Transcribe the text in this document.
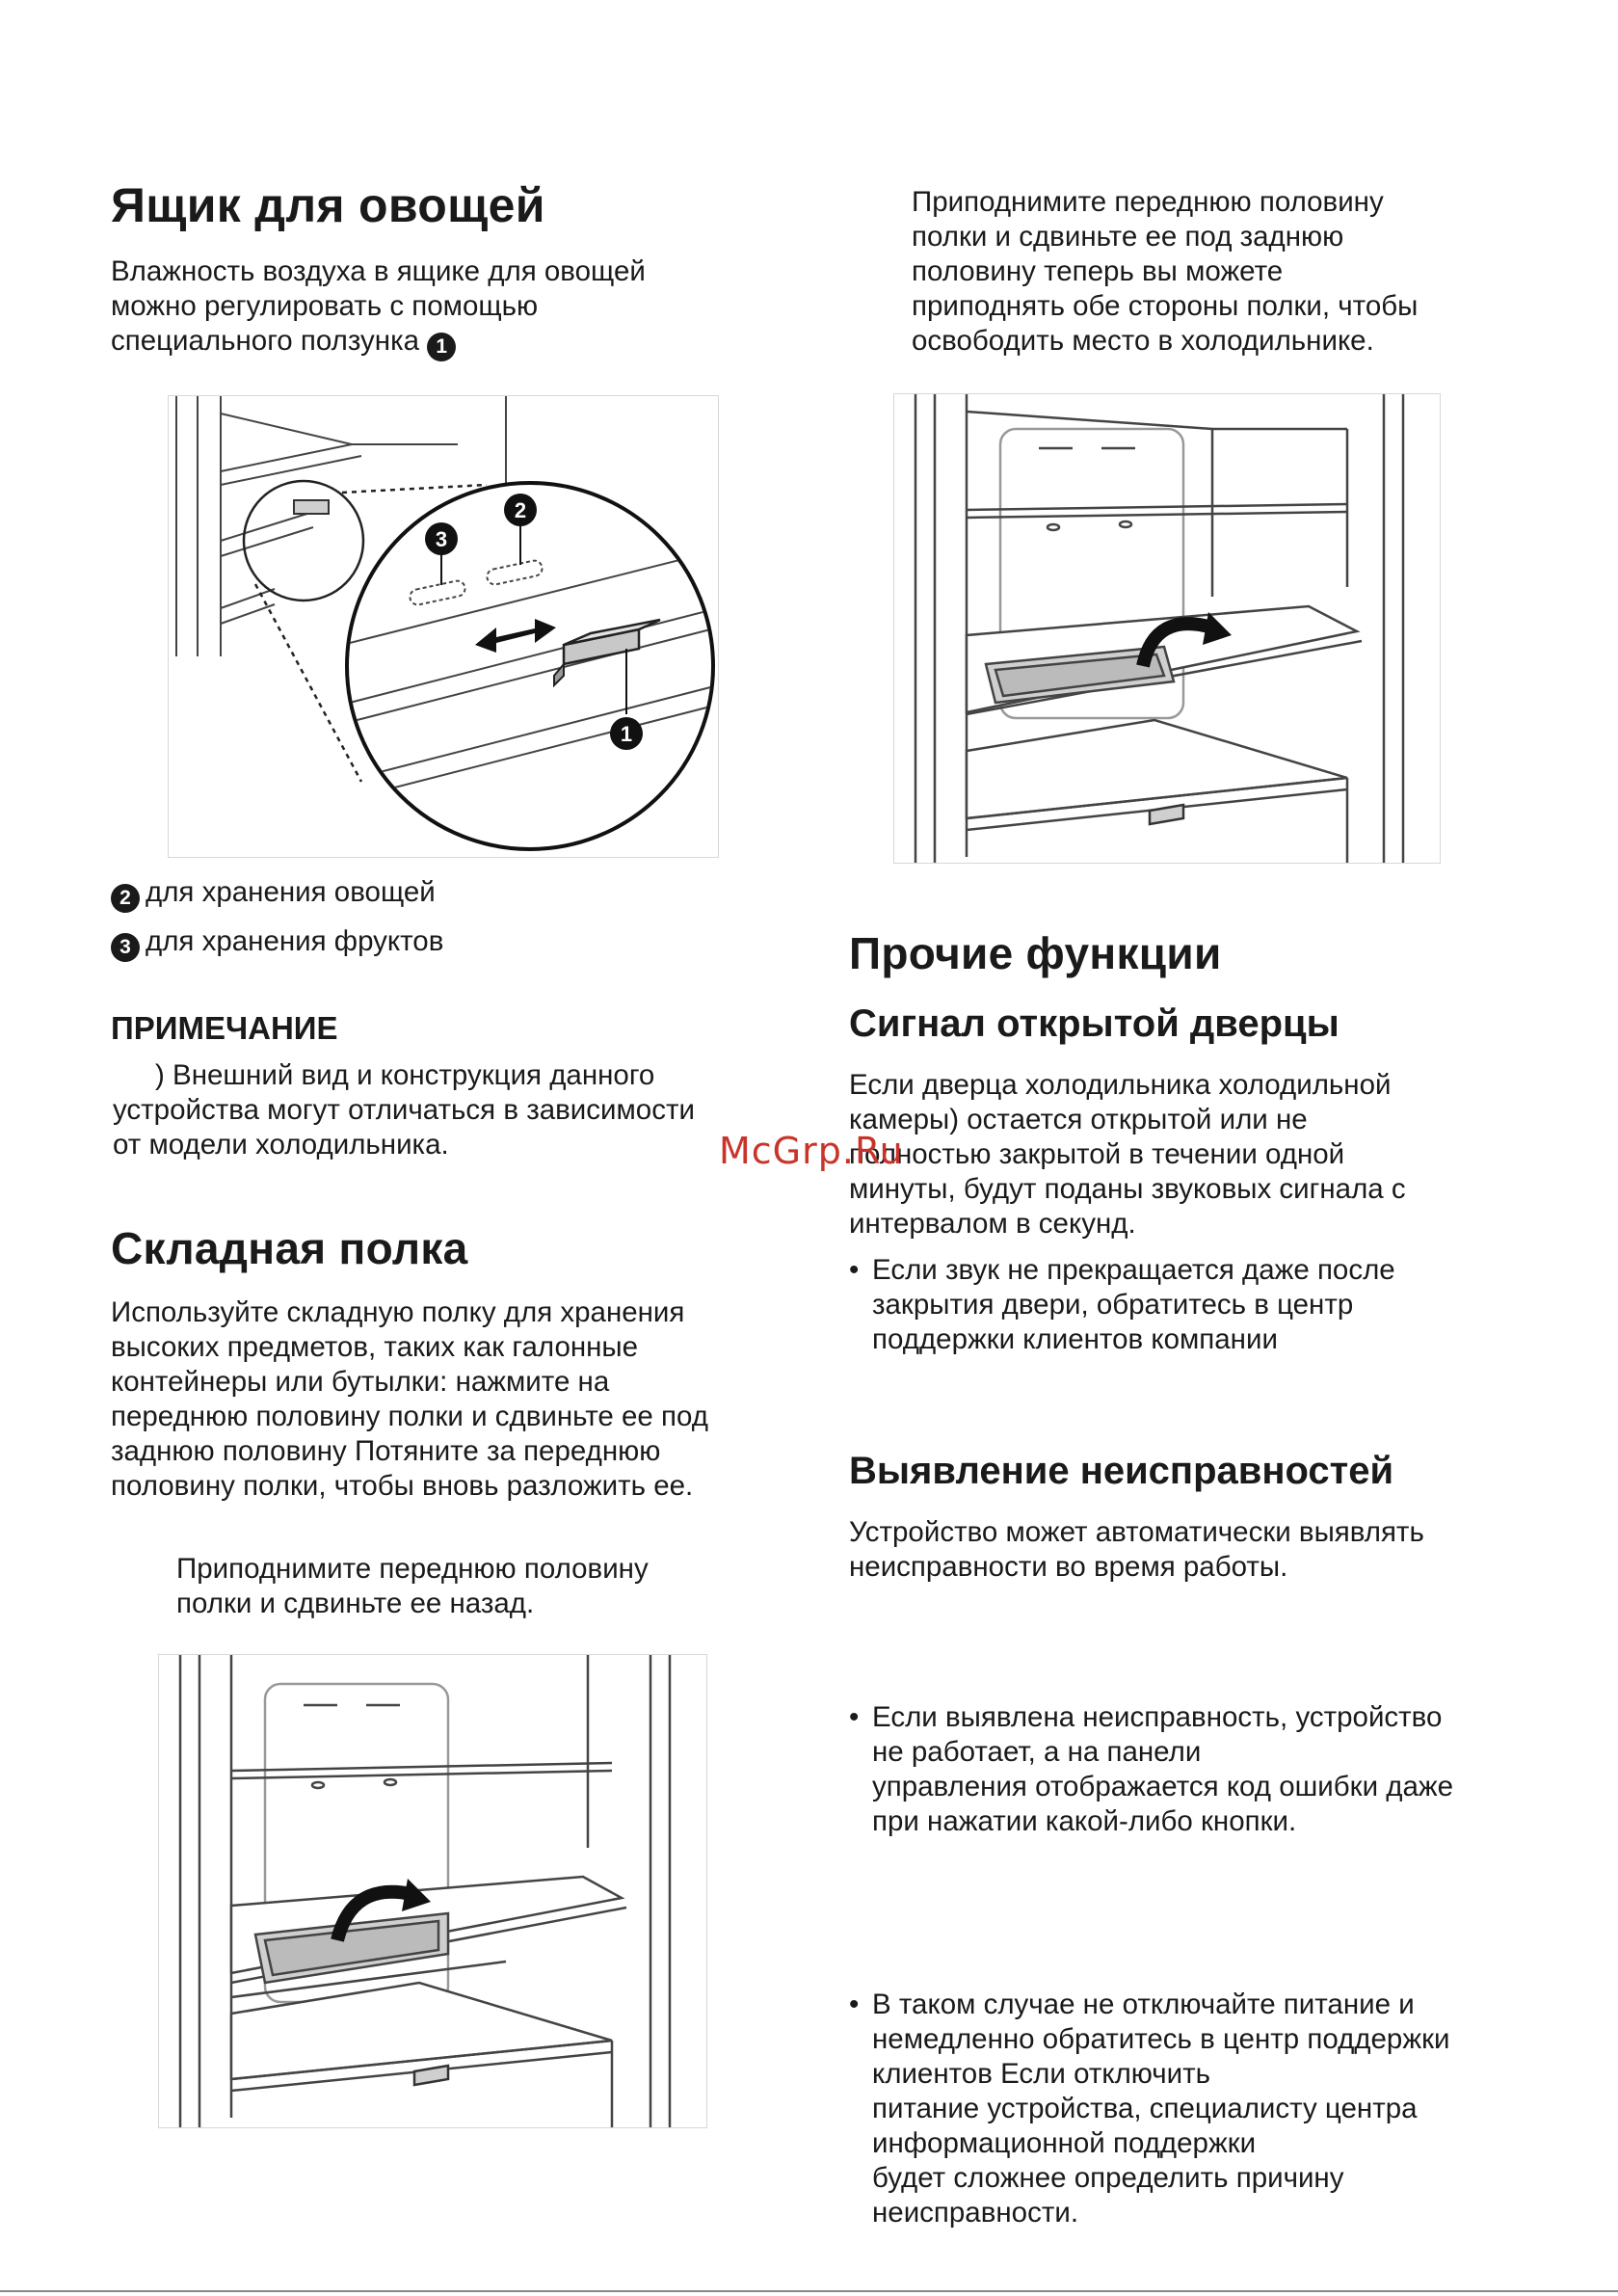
Ящик для овощей
Влажность воздуха в ящике для овощей
можно регулировать с помощью
специального ползунка 1
1
2
3
2 для хранения овощей
3 для хранения фруктов
ПРИМЕЧАНИЕ
) Внешний вид и конструкция данного
устройства могут отличаться в зависимости
от модели холодильника.
Складная полка
Используйте складную полку для хранения
высоких предметов, таких как галонные
контейнеры или бутылки: нажмите на
переднюю половину полки и сдвиньте ее под
заднюю половину Потяните за переднюю
половину полки, чтобы вновь разложить ее.
Приподнимите переднюю половину
полки и сдвиньте ее назад.
Приподнимите переднюю половину
полки и сдвиньте ее под заднюю
половину теперь вы можете
приподнять обе стороны полки, чтобы
освободить место в холодильнике.
Прочие функции
Сигнал открытой дверцы
Если дверца холодильника холодильной
камеры) остается открытой или не
полностью закрытой в течении одной
минуты, будут поданы звуковых сигнала с
интервалом в секунд.
• Если звук не прекращается даже после
закрытия двери, обратитесь в центр
поддержки клиентов компании
Выявление неисправностей
Устройство может автоматически выявлять
неисправности во время работы.
• Если выявлена неисправность, устройство
не работает, а на панели
управления отображается код ошибки даже
при нажатии какой-либо кнопки.
• В таком случае не отключайте питание и
немедленно обратитесь в центр поддержки
клиентов Если отключить
питание устройства, специалисту центра
информационной поддержки
будет сложнее определить причину
неисправности.
McGrp.Ru
